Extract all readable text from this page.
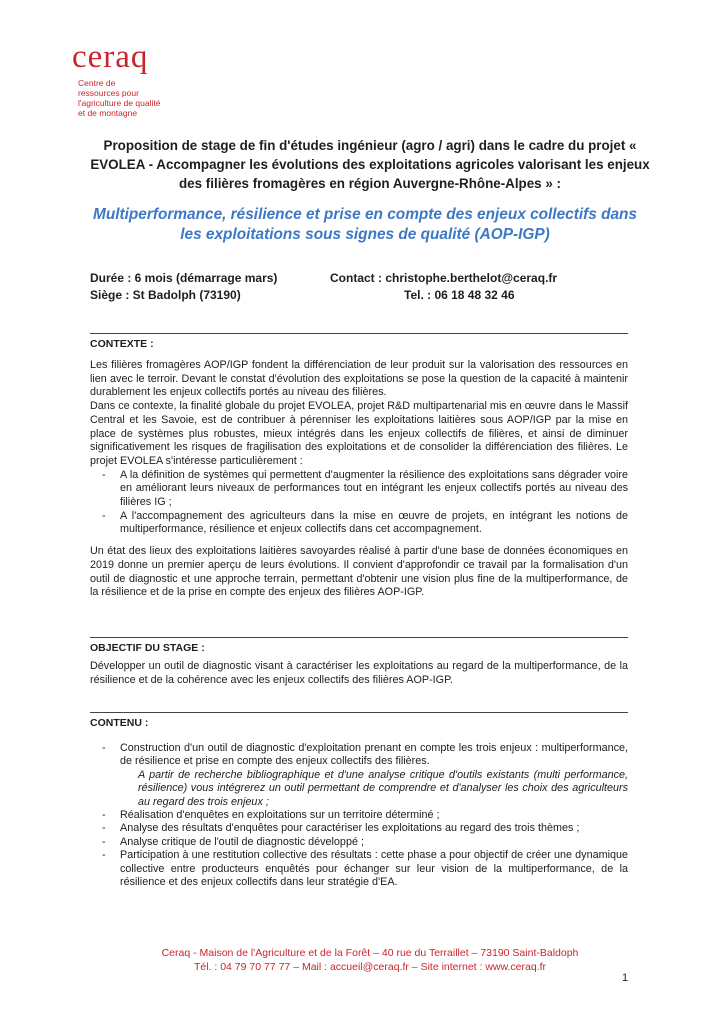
ceraq
Centre de
ressources pour
l'agriculture de qualité
et de montagne
Proposition de stage de fin d'études ingénieur (agro / agri) dans le cadre du projet « EVOLEA - Accompagner les évolutions des exploitations agricoles valorisant les enjeux des filières fromagères en région Auvergne-Rhône-Alpes » :
Multiperformance, résilience et prise en compte des enjeux collectifs dans les exploitations sous signes de qualité (AOP-IGP)
Durée : 6 mois (démarrage mars)
Siège : St Badolph (73190)
Contact : christophe.berthelot@ceraq.fr
Tel. : 06 18 48 32 46
CONTEXTE :

Les filières fromagères AOP/IGP fondent la différenciation de leur produit sur la valorisation des ressources en lien avec le terroir. Devant le constat d'évolution des exploitations se pose la question de la capacité à maintenir durablement les enjeux collectifs portés au niveau des filières.

Dans ce contexte, la finalité globale du projet EVOLEA, projet R&D multipartenarial mis en œuvre dans le Massif Central et les Savoie, est de contribuer à pérenniser les exploitations laitières sous AOP/IGP par la mise en place de systèmes plus robustes, mieux intégrés dans les enjeux collectifs de filières, et ainsi de diminuer significativement les risques de fragilisation des exploitations et de consolider la différenciation des filières. Le projet EVOLEA s'intéresse particulièrement :

- A la définition de systèmes qui permettent d'augmenter la résilience des exploitations sans dégrader voire en améliorant leurs niveaux de performances tout en intégrant les enjeux collectifs portés au niveau des filières IG ;
- A l'accompagnement des agriculteurs dans la mise en œuvre de projets, en intégrant les notions de multiperformance, résilience et enjeux collectifs dans cet accompagnement.

Un état des lieux des exploitations laitières savoyardes réalisé à partir d'une base de données économiques en 2019 donne un premier aperçu de leurs évolutions. Il convient d'approfondir ce travail par la formalisation d'un outil de diagnostic et une approche terrain, permettant d'obtenir une vision plus fine de la multiperformance, de la résilience et de la prise en compte des enjeux des filières AOP-IGP.

OBJECTIF DU STAGE :
Développer un outil de diagnostic visant à caractériser les exploitations au regard de la multiperformance, de la résilience et de la cohérence avec les enjeux collectifs des filières AOP-IGP.
CONTENU :
- Construction d'un outil de diagnostic d'exploitation prenant en compte les trois enjeux : multiperformance, de résilience et prise en compte des enjeux collectifs des filières.
A partir de recherche bibliographique et d'une analyse critique d'outils existants (multi performance, résilience) vous intégrerez un outil permettant de comprendre et d'analyser les choix des agriculteurs au regard des trois enjeux ;
- Réalisation d'enquêtes en exploitations sur un territoire déterminé ;
- Analyse des résultats d'enquêtes pour caractériser les exploitations au regard des trois thèmes ;
- Analyse critique de l'outil de diagnostic développé ;
- Participation à une restitution collective des résultats : cette phase a pour objectif de créer une dynamique collective entre producteurs enquêtés pour échanger sur leur vision de la multiperformance, de la résilience et des enjeux collectifs dans leur stratégie d'EA.
Ceraq - Maison de l'Agriculture et de la Forêt – 40 rue du Terraillet – 73190 Saint-Baldoph
Tél. : 04 79 70 77 77 – Mail : accueil@ceraq.fr – Site internet : www.ceraq.fr
1
